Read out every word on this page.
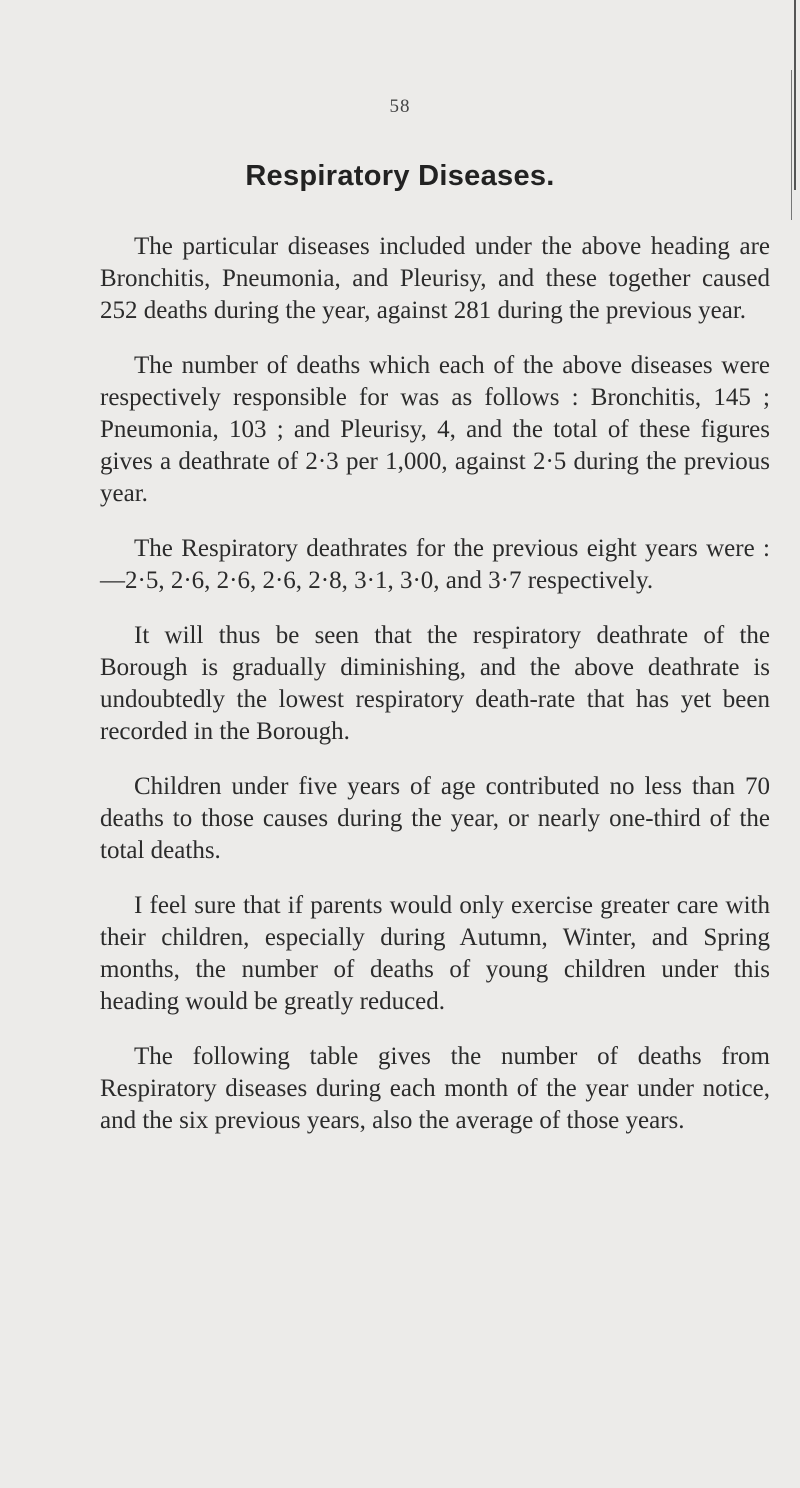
58
Respiratory Diseases.

The particular diseases included under the above heading are Bronchitis, Pneumonia, and Pleurisy, and these together caused 252 deaths during the year, against 281 during the previous year.

The number of deaths which each of the above diseases were respectively responsible for was as follows : Bronchitis, 145 ; Pneumonia, 103 ; and Pleurisy, 4, and the total of these figures gives a deathrate of 2·3 per 1,000, against 2·5 during the previous year.

The Respiratory deathrates for the previous eight years were :—2·5, 2·6, 2·6, 2·6, 2·8, 3·1, 3·0, and 3·7 respectively.

It will thus be seen that the respiratory deathrate of the Borough is gradually diminishing, and the above deathrate is undoubtedly the lowest respiratory death-rate that has yet been recorded in the Borough.

Children under five years of age contributed no less than 70 deaths to those causes during the year, or nearly one-third of the total deaths.

I feel sure that if parents would only exercise greater care with their children, especially during Autumn, Winter, and Spring months, the number of deaths of young children under this heading would be greatly reduced.

The following table gives the number of deaths from Respiratory diseases during each month of the year under notice, and the six previous years, also the average of those years.
